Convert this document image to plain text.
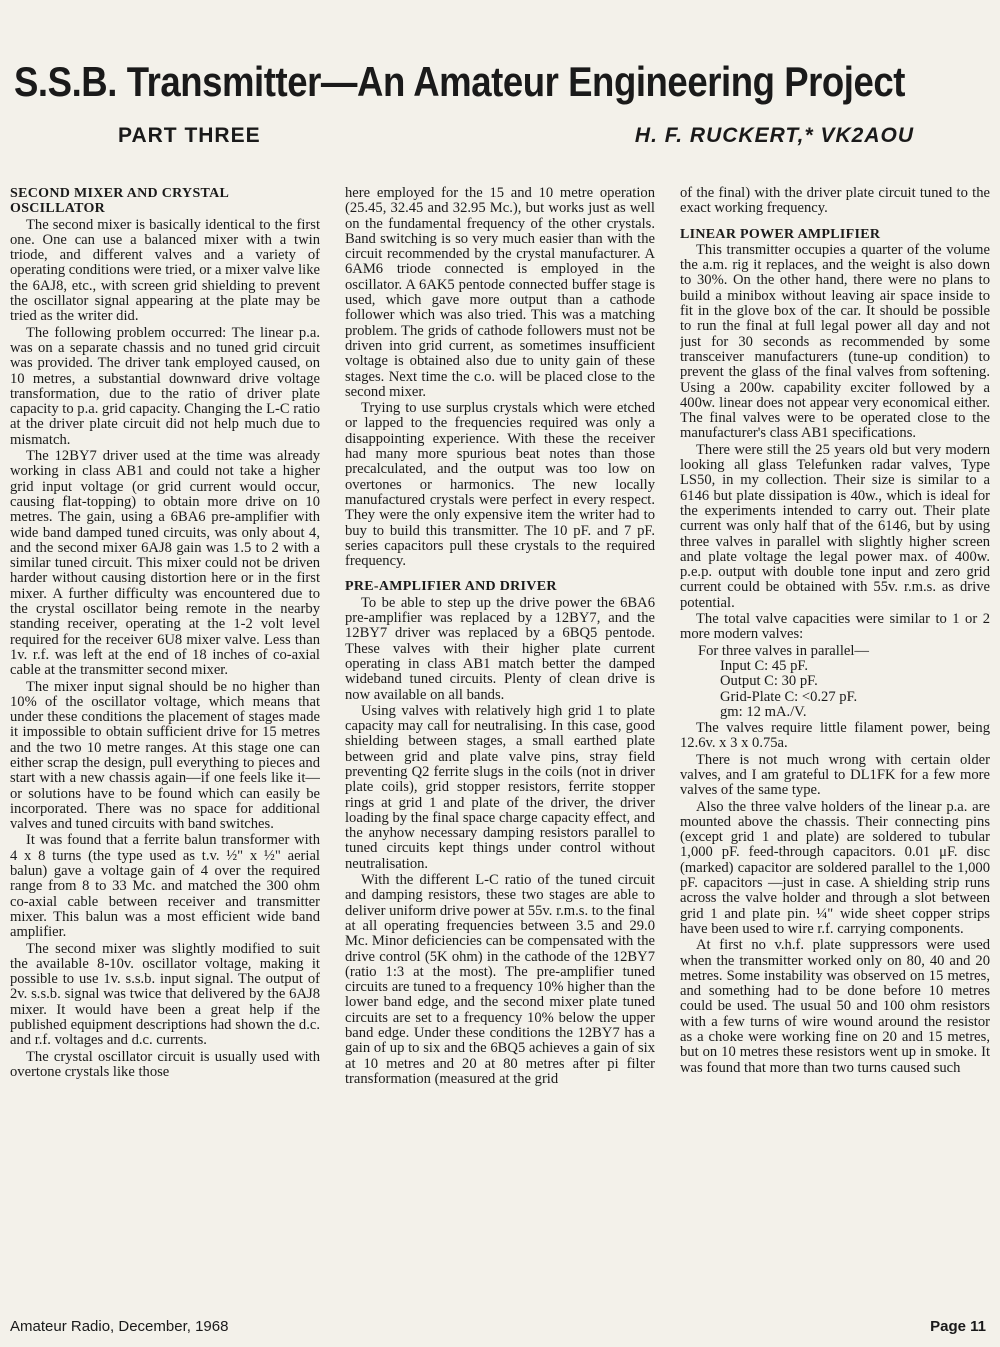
S.S.B. Transmitter—An Amateur Engineering Project
PART THREE	H. F. RUCKERT,* VK2AOU
SECOND MIXER AND CRYSTAL OSCILLATOR

The second mixer is basically identical to the first one. One can use a balanced mixer with a twin triode, and different valves and a variety of operating conditions were tried, or a mixer valve like the 6AJ8, etc., with screen grid shielding to prevent the oscillator signal appearing at the plate may be tried as the writer did.

The following problem occurred: The linear p.a. was on a separate chassis and no tuned grid circuit was provided. The driver tank employed caused, on 10 metres, a substantial downward drive voltage transformation, due to the ratio of driver plate capacity to p.a. grid capacity. Changing the L-C ratio at the driver plate circuit did not help much due to mismatch.

The 12BY7 driver used at the time was already working in class AB1 and could not take a higher grid input voltage (or grid current would occur, causing flat-topping) to obtain more drive on 10 metres. The gain, using a 6BA6 pre-amplifier with wide band damped tuned circuits, was only about 4, and the second mixer 6AJ8 gain was 1.5 to 2 with a similar tuned circuit. This mixer could not be driven harder without causing distortion here or in the first mixer. A further difficulty was encountered due to the crystal oscillator being remote in the nearby standing receiver, operating at the 1-2 volt level required for the receiver 6U8 mixer valve. Less than 1v. r.f. was left at the end of 18 inches of co-axial cable at the transmitter second mixer.

The mixer input signal should be no higher than 10% of the oscillator voltage, which means that under these conditions the placement of stages made it impossible to obtain sufficient drive for 15 metres and the two 10 metre ranges. At this stage one can either scrap the design, pull everything to pieces and start with a new chassis again—if one feels like it—or solutions have to be found which can easily be incorporated. There was no space for additional valves and tuned circuits with band switches.

It was found that a ferrite balun transformer with 4 x 8 turns (the type used as t.v. ½" x ½" aerial balun) gave a voltage gain of 4 over the required range from 8 to 33 Mc. and matched the 300 ohm co-axial cable between receiver and transmitter mixer. This balun was a most efficient wide band amplifier.

The second mixer was slightly modified to suit the available 8-10v. oscillator voltage, making it possible to use 1v. s.s.b. input signal. The output of 2v. s.s.b. signal was twice that delivered by the 6AJ8 mixer. It would have been a great help if the published equipment descriptions had shown the d.c. and r.f. voltages and d.c. currents.

The crystal oscillator circuit is usually used with overtone crystals like those

here employed for the 15 and 10 metre operation (25.45, 32.45 and 32.95 Mc.), but works just as well on the fundamental frequency of the other crystals. Band switching is so very much easier than with the circuit recommended by the crystal manufacturer. A 6AM6 triode connected is employed in the oscillator. A 6AK5 pentode connected buffer stage is used, which gave more output than a cathode follower which was also tried. This was a matching problem. The grids of cathode followers must not be driven into grid current, as sometimes insufficient voltage is obtained also due to unity gain of these stages. Next time the c.o. will be placed close to the second mixer.

Trying to use surplus crystals which were etched or lapped to the frequencies required was only a disappointing experience. With these the receiver had many more spurious beat notes than those precalculated, and the output was too low on overtones or harmonics. The new locally manufactured crystals were perfect in every respect. They were the only expensive item the writer had to buy to build this transmitter. The 10 pF. and 7 pF. series capacitors pull these crystals to the required frequency.

PRE-AMPLIFIER AND DRIVER

To be able to step up the drive power the 6BA6 pre-amplifier was replaced by a 12BY7, and the 12BY7 driver was replaced by a 6BQ5 pentode. These valves with their higher plate current operating in class AB1 match better the damped wideband tuned circuits. Plenty of clean drive is now available on all bands.

Using valves with relatively high grid 1 to plate capacity may call for neutralising. In this case, good shielding between stages, a small earthed plate between grid and plate valve pins, stray field preventing Q2 ferrite slugs in the coils (not in driver plate coils), grid stopper resistors, ferrite stopper rings at grid 1 and plate of the driver, the driver loading by the final space charge capacity effect, and the anyhow necessary damping resistors parallel to tuned circuits kept things under control without neutralisation.

With the different L-C ratio of the tuned circuit and damping resistors, these two stages are able to deliver uniform drive power at 55v. r.m.s. to the final at all operating frequencies between 3.5 and 29.0 Mc. Minor deficiencies can be compensated with the drive control (5K ohm) in the cathode of the 12BY7 (ratio 1:3 at the most). The pre-amplifier tuned circuits are tuned to a frequency 10% higher than the lower band edge, and the second mixer plate tuned circuits are set to a frequency 10% below the upper band edge. Under these conditions the 12BY7 has a gain of up to six and the 6BQ5 achieves a gain of six at 10 metres and 20 at 80 metres after pi filter transformation (measured at the grid

of the final) with the driver plate circuit tuned to the exact working frequency.

LINEAR POWER AMPLIFIER

This transmitter occupies a quarter of the volume the a.m. rig it replaces, and the weight is also down to 30%. On the other hand, there were no plans to build a minibox without leaving air space inside to fit in the glove box of the car. It should be possible to run the final at full legal power all day and not just for 30 seconds as recommended by some transceiver manufacturers (tune-up condition) to prevent the glass of the final valves from softening. Using a 200w. capability exciter followed by a 400w. linear does not appear very economical either. The final valves were to be operated close to the manufacturer's class AB1 specifications.

There were still the 25 years old but very modern looking all glass Telefunken radar valves, Type LS50, in my collection. Their size is similar to a 6146 but plate dissipation is 40w., which is ideal for the experiments intended to carry out. Their plate current was only half that of the 6146, but by using three valves in parallel with slightly higher screen and plate voltage the legal power max. of 400w. p.e.p. output with double tone input and zero grid current could be obtained with 55v. r.m.s. as drive potential.

The total valve capacities were similar to 1 or 2 more modern valves:

For three valves in parallel—
Input C: 45 pF.
Output C: 30 pF.
Grid-Plate C: <0.27 pF.
gm: 12 mA./V.

The valves require little filament power, being 12.6v. x 3 x 0.75a.

There is not much wrong with certain older valves, and I am grateful to DL1FK for a few more valves of the same type.

Also the three valve holders of the linear p.a. are mounted above the chassis. Their connecting pins (except grid 1 and plate) are soldered to tubular 1,000 pF. feed-through capacitors. 0.01 μF. disc (marked) capacitor are soldered parallel to the 1,000 pF. capacitors —just in case. A shielding strip runs across the valve holder and through a slot between grid 1 and plate pin. ¼" wide sheet copper strips have been used to wire r.f. carrying components.

At first no v.h.f. plate suppressors were used when the transmitter worked only on 80, 40 and 20 metres. Some instability was observed on 15 metres, and something had to be done before 10 metres could be used. The usual 50 and 100 ohm resistors with a few turns of wire wound around the resistor as a choke were working fine on 20 and 15 metres, but on 10 metres these resistors went up in smoke. It was found that more than two turns caused such

Amateur Radio, December, 1968	Page 11
